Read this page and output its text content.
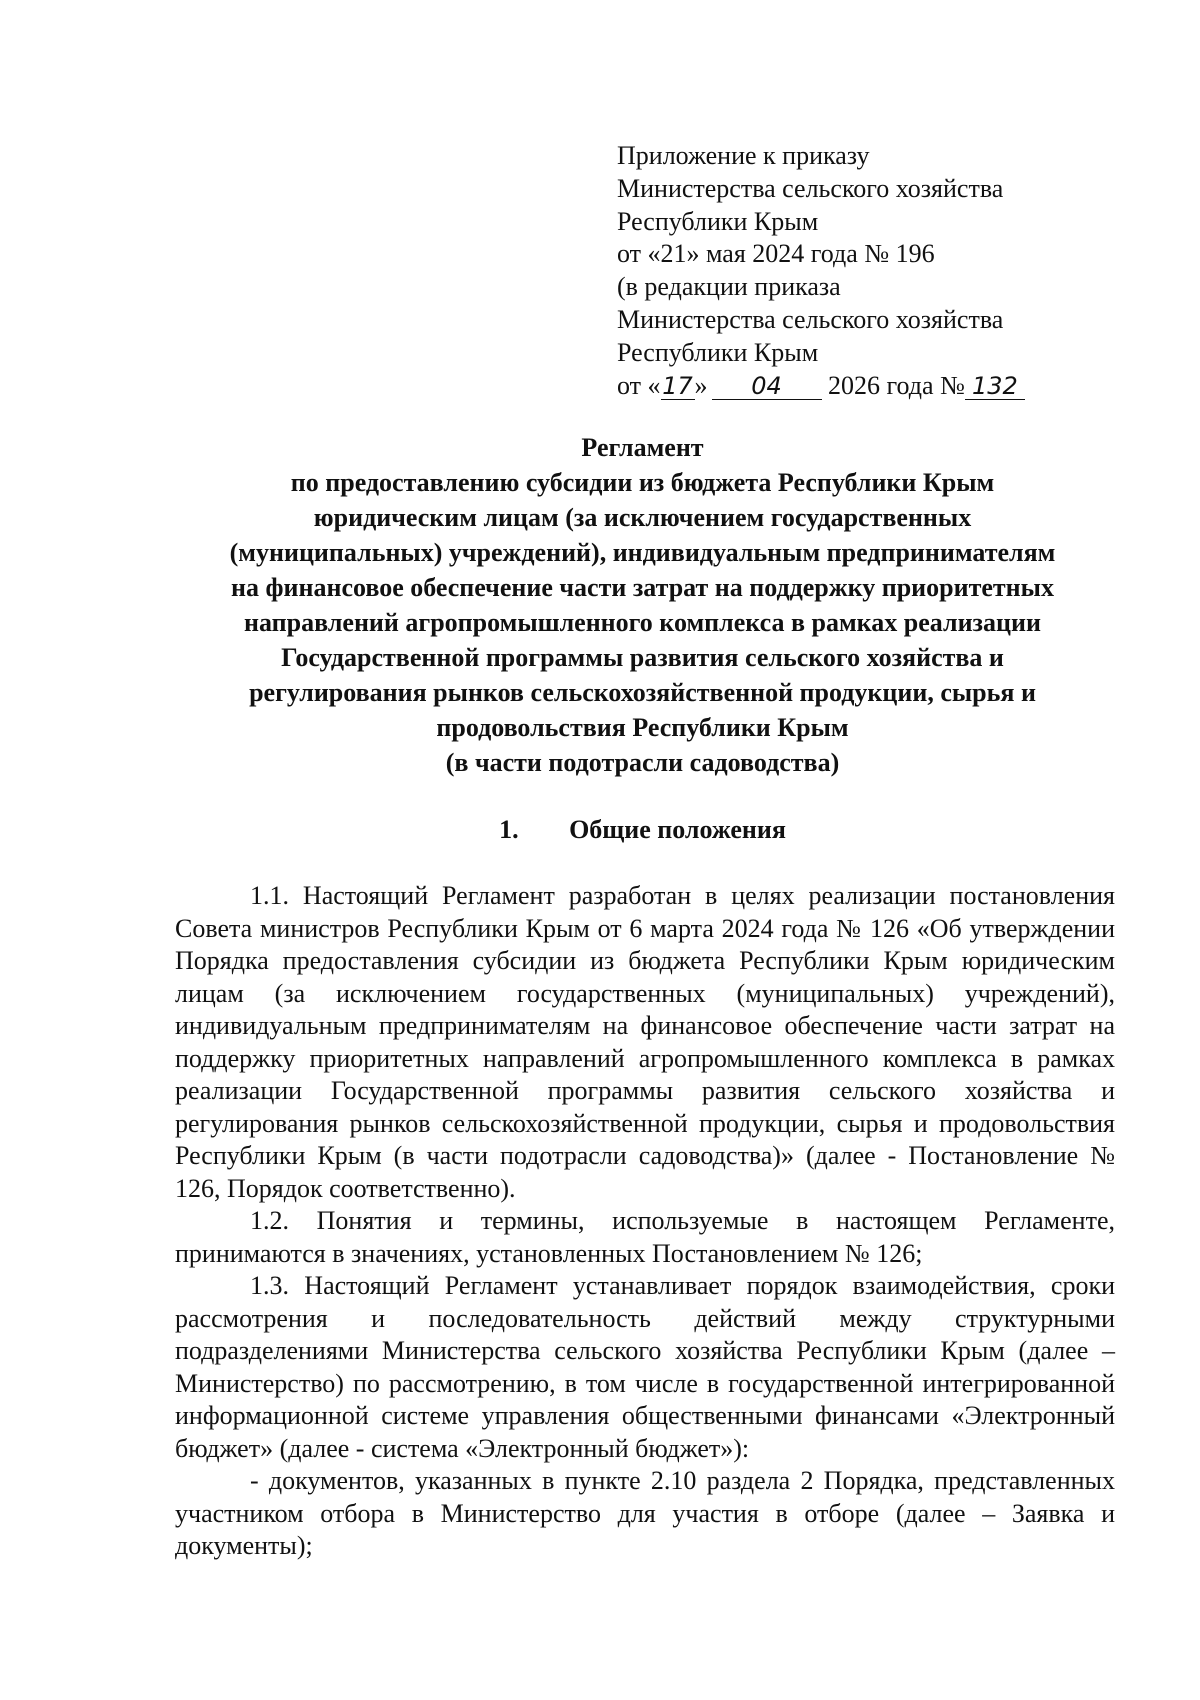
Приложение к приказу
Министерства сельского хозяйства
Республики Крым
от «21» мая 2024 года № 196
(в редакции приказа
Министерства сельского хозяйства
Республики Крым
от «17» 04 2026 года № 132
Регламент
по предоставлению субсидии из бюджета Республики Крым
юридическим лицам (за исключением государственных
(муниципальных) учреждений), индивидуальным предпринимателям
на финансовое обеспечение части затрат на поддержку приоритетных
направлений агропромышленного комплекса в рамках реализации
Государственной программы развития сельского хозяйства и
регулирования рынков сельскохозяйственной продукции, сырья и
продовольствия Республики Крым
(в части подотрасли садоводства)
1. Общие положения

1.1. Настоящий Регламент разработан в целях реализации постановления Совета министров Республики Крым от 6 марта 2024 года № 126 «Об утверждении Порядка предоставления субсидии из бюджета Республики Крым юридическим лицам (за исключением государственных (муниципальных) учреждений), индивидуальным предпринимателям на финансовое обеспечение части затрат на поддержку приоритетных направлений агропромышленного комплекса в рамках реализации Государственной программы развития сельского хозяйства и регулирования рынков сельскохозяйственной продукции, сырья и продовольствия Республики Крым (в части подотрасли садоводства)» (далее - Постановление № 126, Порядок соответственно).

1.2. Понятия и термины, используемые в настоящем Регламенте, принимаются в значениях, установленных Постановлением № 126;

1.3. Настоящий Регламент устанавливает порядок взаимодействия, сроки рассмотрения и последовательность действий между структурными подразделениями Министерства сельского хозяйства Республики Крым (далее – Министерство) по рассмотрению, в том числе в государственной интегрированной информационной системе управления общественными финансами «Электронный бюджет» (далее - система «Электронный бюджет»):

- документов, указанных в пункте 2.10 раздела 2 Порядка, представленных участником отбора в Министерство для участия в отборе (далее – Заявка и документы);
